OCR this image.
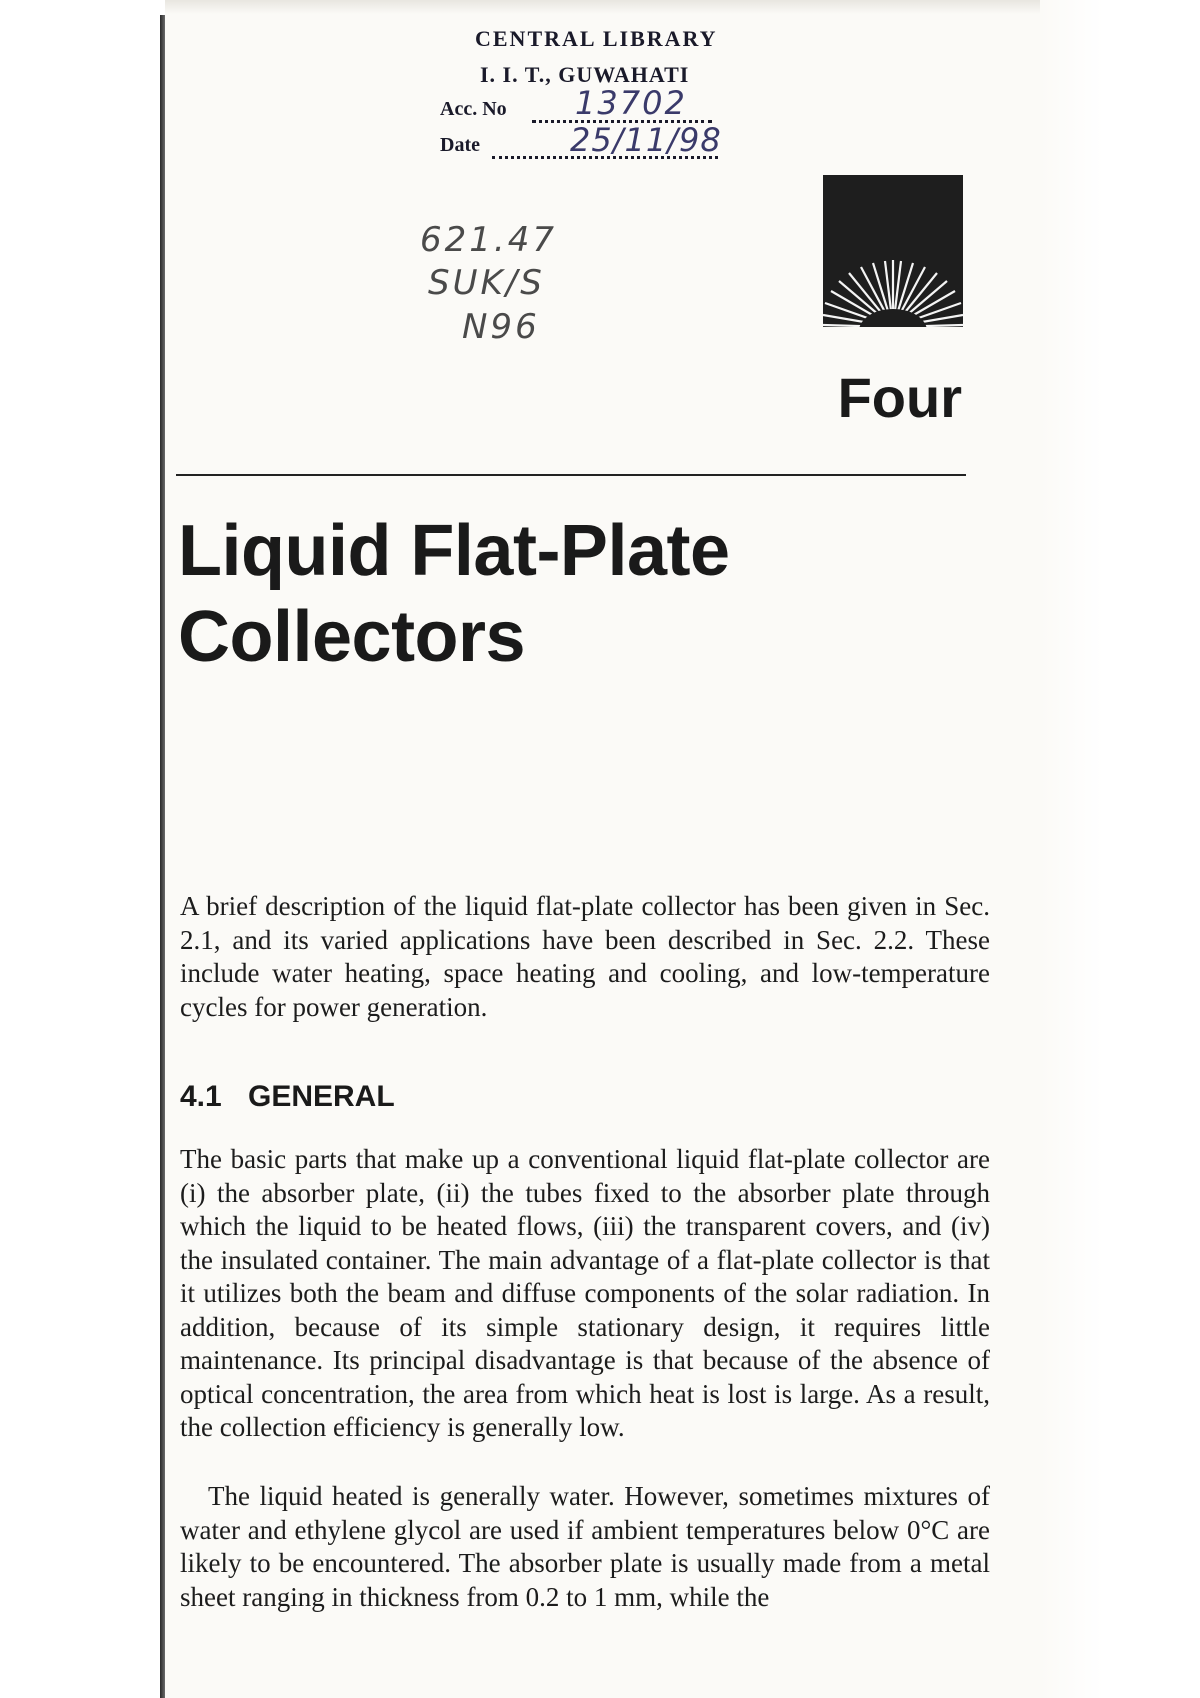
CENTRAL LIBRARY
I. I. T., GUWAHATI
Acc. No 13702
Date	25/11/98
621.47
SUK/S
N96
Four
Liquid Flat-Plate
Collectors
A brief description of the liquid flat-plate collector has been given in Sec. 2.1, and its varied applications have been described in Sec. 2.2. These include water heating, space heating and cooling, and low-temperature cycles for power generation.
4.1 GENERAL
The basic parts that make up a conventional liquid flat-plate collector are (i) the absorber plate, (ii) the tubes fixed to the absorber plate through which the liquid to be heated flows, (iii) the transparent covers, and (iv) the insulated container. The main advantage of a flat-plate collector is that it utilizes both the beam and diffuse components of the solar radiation. In addition, because of its simple stationary design, it requires little maintenance. Its principal disadvantage is that because of the absence of optical concentration, the area from which heat is lost is large. As a result, the collection efficiency is generally low.
The liquid heated is generally water. However, sometimes mixtures of water and ethylene glycol are used if ambient temperatures below 0°C are likely to be encountered. The absorber plate is usually made from a metal sheet ranging in thickness from 0.2 to 1 mm, while the
